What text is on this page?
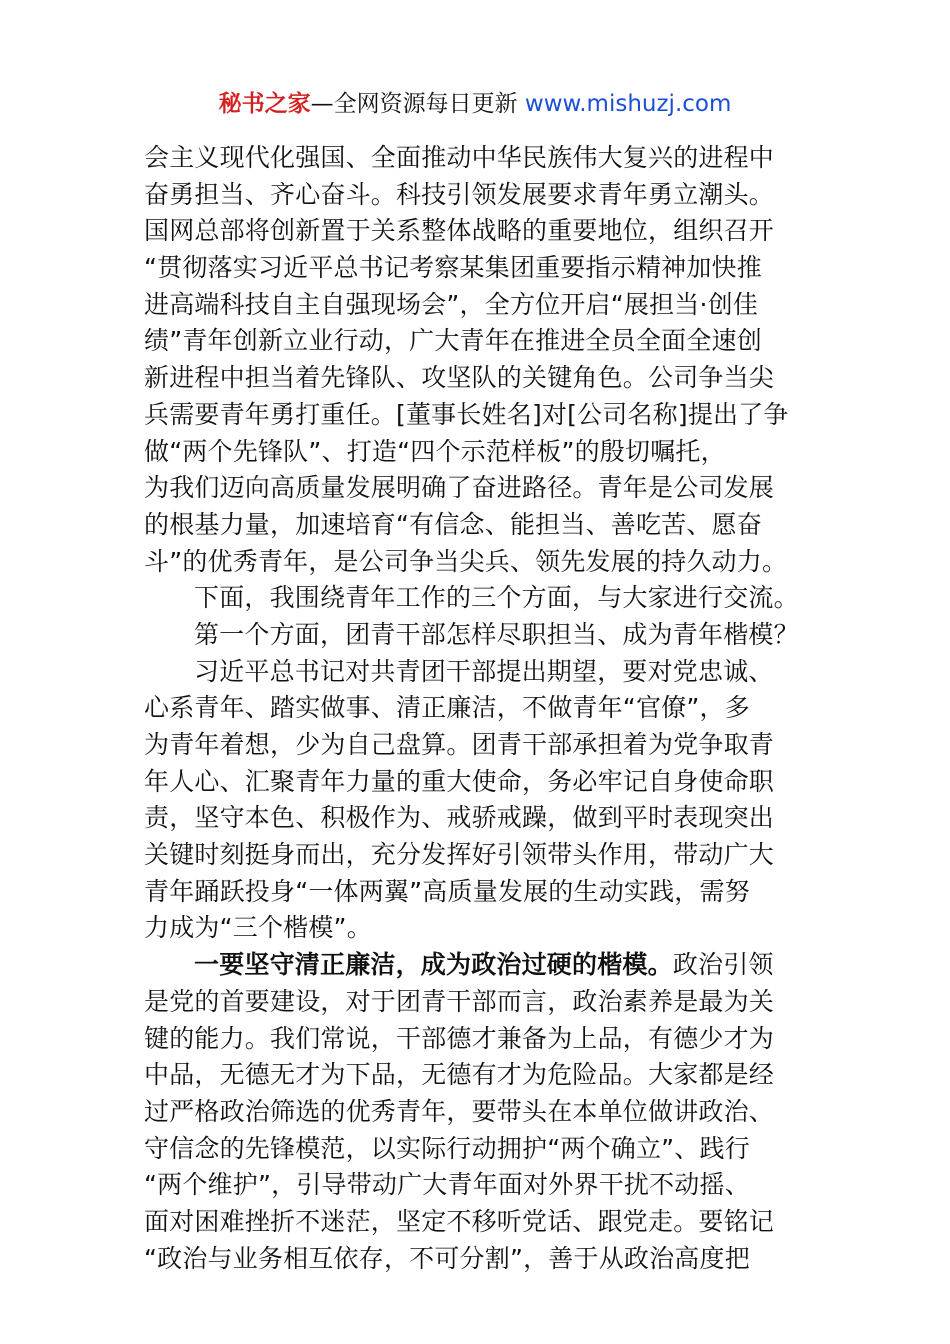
秘书之家—全网资源每日更新 www.mishuzj.com
会主义现代化强国、全面推动中华民族伟大复兴的进程中
奋勇担当、齐心奋斗。科技引领发展要求青年勇立潮头。
国网总部将创新置于关系整体战略的重要地位，组织召开
“贯彻落实习近平总书记考察某集团重要指示精神加快推
进高端科技自主自强现场会”，全方位开启“展担当·创佳
绩”青年创新立业行动，广大青年在推进全员全面全速创
新进程中担当着先锋队、攻坚队的关键角色。公司争当尖
兵需要青年勇打重任。[董事长姓名]对[公司名称]提出了争
做“两个先锋队”、打造“四个示范样板”的殷切嘱托，
为我们迈向高质量发展明确了奋进路径。青年是公司发展
的根基力量，加速培育“有信念、能担当、善吃苦、愿奋
斗”的优秀青年，是公司争当尖兵、领先发展的持久动力。
下面，我围绕青年工作的三个方面，与大家进行交流。
第一个方面，团青干部怎样尽职担当、成为青年楷模？
习近平总书记对共青团干部提出期望，要对党忠诚、
心系青年、踏实做事、清正廉洁，不做青年“官僚”，多
为青年着想，少为自己盘算。团青干部承担着为党争取青
年人心、汇聚青年力量的重大使命，务必牢记自身使命职
责，坚守本色、积极作为、戒骄戒躁，做到平时表现突出
关键时刻挺身而出，充分发挥好引领带头作用，带动广大
青年踊跃投身“一体两翼”高质量发展的生动实践，需努
力成为“三个楷模”。
一要坚守清正廉洁，成为政治过硬的楷模。政治引领
是党的首要建设，对于团青干部而言，政治素养是最为关
键的能力。我们常说，干部德才兼备为上品，有德少才为
中品，无德无才为下品，无德有才为危险品。大家都是经
过严格政治筛选的优秀青年，要带头在本单位做讲政治、
守信念的先锋模范，以实际行动拥护“两个确立”、践行
“两个维护”，引导带动广大青年面对外界干扰不动摇、
面对困难挫折不迷茫，坚定不移听党话、跟党走。要铭记
“政治与业务相互依存，不可分割”，善于从政治高度把
